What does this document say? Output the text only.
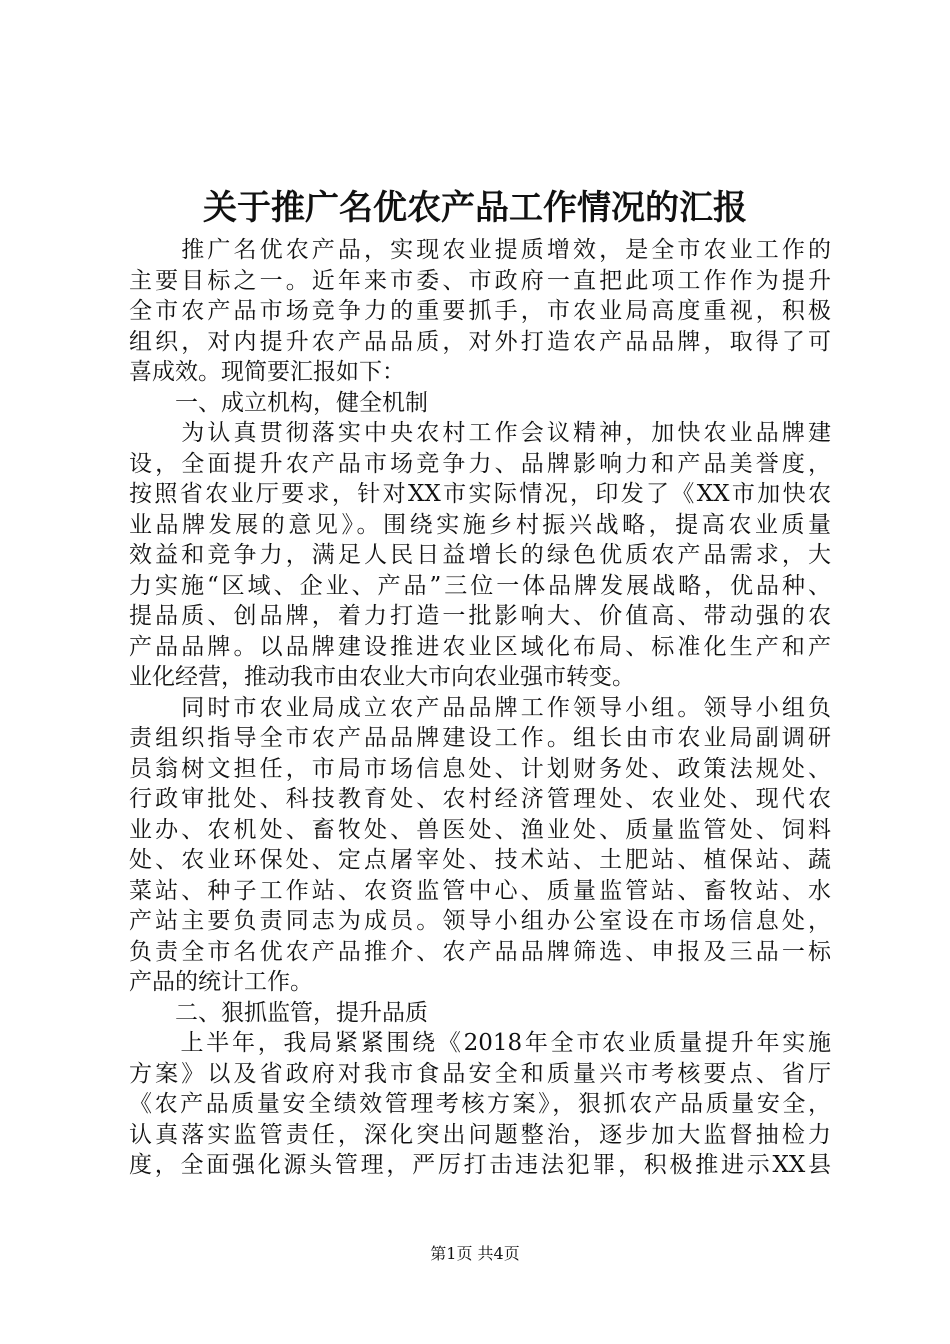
关于推广名优农产品工作情况的汇报
　　推广名优农产品，实现农业提质增效，是全市农业工作的
主要目标之一。近年来市委、市政府一直把此项工作作为提升
全市农产品市场竞争力的重要抓手，市农业局高度重视，积极
组织，对内提升农产品品质，对外打造农产品品牌，取得了可
喜成效。现简要汇报如下：
　　一、成立机构，健全机制
　　为认真贯彻落实中央农村工作会议精神，加快农业品牌建
设，全面提升农产品市场竞争力、品牌影响力和产品美誉度，
按照省农业厅要求，针对XX市实际情况，印发了《XX市加快农
业品牌发展的意见》。围绕实施乡村振兴战略，提高农业质量
效益和竞争力，满足人民日益增长的绿色优质农产品需求，大
力实施“区域、企业、产品”三位一体品牌发展战略，优品种、
提品质、创品牌，着力打造一批影响大、价值高、带动强的农
产品品牌。以品牌建设推进农业区域化布局、标准化生产和产
业化经营，推动我市由农业大市向农业强市转变。
　　同时市农业局成立农产品品牌工作领导小组。领导小组负
责组织指导全市农产品品牌建设工作。组长由市农业局副调研
员翁树文担任，市局市场信息处、计划财务处、政策法规处、
行政审批处、科技教育处、农村经济管理处、农业处、现代农
业办、农机处、畜牧处、兽医处、渔业处、质量监管处、饲料
处、农业环保处、定点屠宰处、技术站、土肥站、植保站、蔬
菜站、种子工作站、农资监管中心、质量监管站、畜牧站、水
产站主要负责同志为成员。领导小组办公室设在市场信息处，
负责全市名优农产品推介、农产品品牌筛选、申报及三品一标
产品的统计工作。
　　二、狠抓监管，提升品质
　　上半年，我局紧紧围绕《2018年全市农业质量提升年实施
方案》以及省政府对我市食品安全和质量兴市考核要点、省厅
《农产品质量安全绩效管理考核方案》，狠抓农产品质量安全，
认真落实监管责任，深化突出问题整治，逐步加大监督抽检力
度，全面强化源头管理，严厉打击违法犯罪，积极推进示XX县
第1页 共4页
